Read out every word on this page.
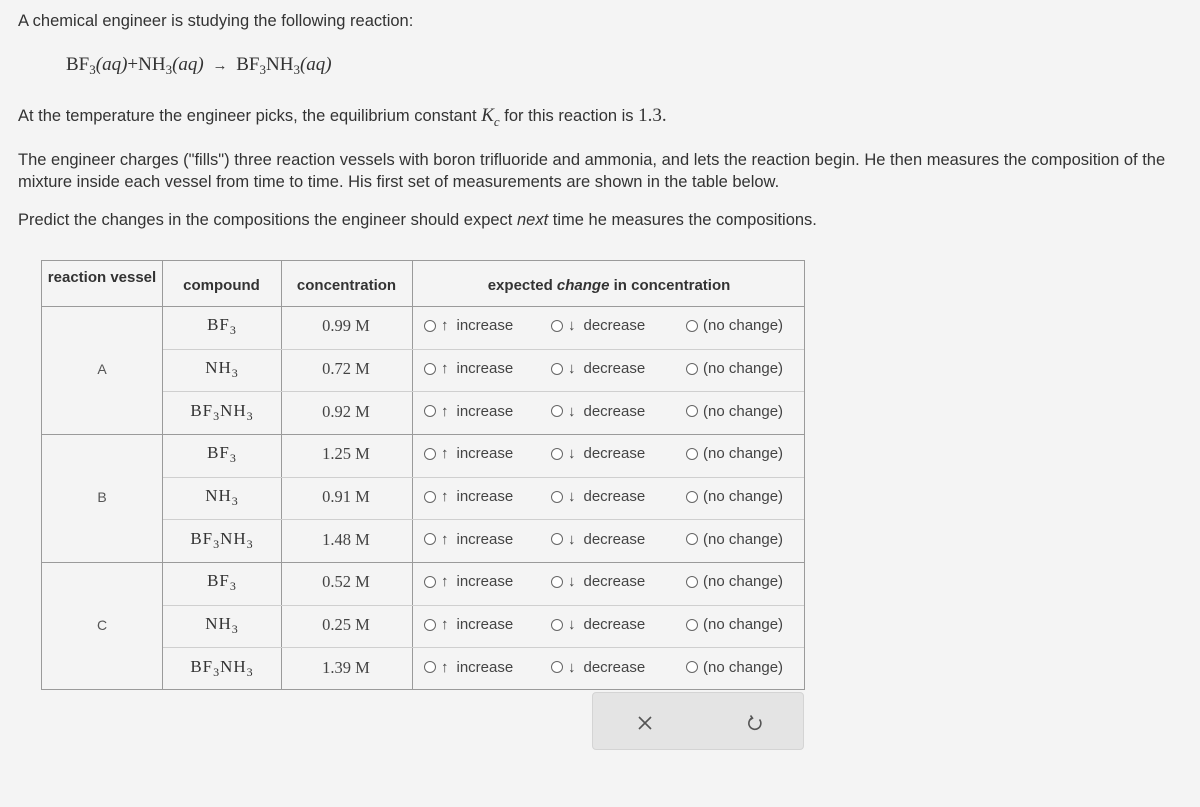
A chemical engineer is studying the following reaction:
$BF_3(aq)+NH_3(aq) \to BF_3NH_3(aq)$
At the temperature the engineer picks, the equilibrium constant $K_c$ for this reaction is 1.3.
The engineer charges ("fills") three reaction vessels with boron trifluoride and ammonia, and lets the reaction begin. He then measures the composition of the mixture inside each vessel from time to time. His first set of measurements are shown in the table below.
Predict the changes in the compositions the engineer should expect next time he measures the compositions.
reaction vessel	compound	concentration	expected change in concentration
A
$BF_3$	0.99 M	↑ increase	↓ decrease	(no change)
$NH_3$	0.72 M	↑ increase	↓ decrease	(no change)
$BF_3NH_3$	0.92 M	↑ increase	↓ decrease	(no change)
B
$BF_3$	1.25 M	↑ increase	↓ decrease	(no change)
$NH_3$	0.91 M	↑ increase	↓ decrease	(no change)
$BF_3NH_3$	1.48 M	↑ increase	↓ decrease	(no change)
C
$BF_3$	0.52 M	↑ increase	↓ decrease	(no change)
$NH_3$	0.25 M	↑ increase	↓ decrease	(no change)
$BF_3NH_3$	1.39 M	↑ increase	↓ decrease	(no change)
